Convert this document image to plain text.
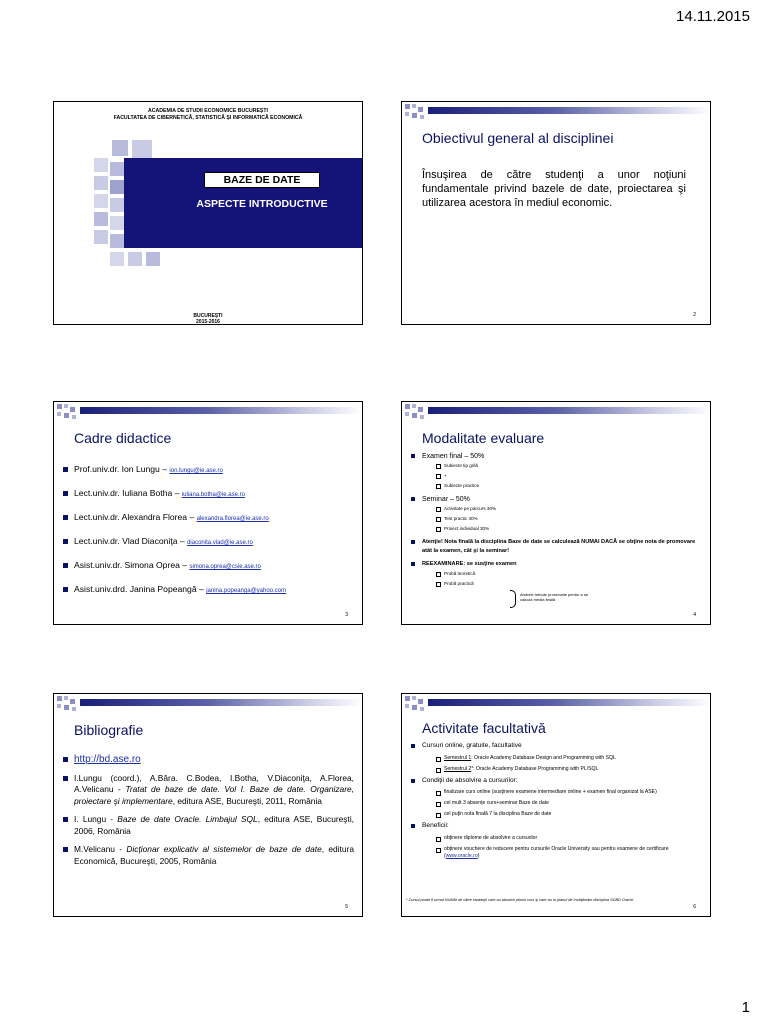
14.11.2015
ACADEMIA DE STUDII ECONOMICE BUCUREȘTI
FACULTATEA DE CIBERNETICĂ, STATISTICĂ ȘI INFORMATICĂ ECONOMICĂ
BAZE DE DATE
ASPECTE INTRODUCTIVE
BUCUREȘTI
2015-2016
Obiectivul general al disciplinei
Însuşirea de către studenţi a unor noţiuni fundamentale privind bazele de date, proiectarea şi utilizarea acestora în mediul economic.
2
Cadre didactice
Prof.univ.dr. Ion Lungu – ion.lungu@ie.ase.ro
Lect.univ.dr. Iuliana Botha – iuliana.botha@ie.ase.ro
Lect.univ.dr. Alexandra Florea – alexandra.florea@ie.ase.ro
Lect.univ.dr. Vlad Diaconiţa – diaconita.vlad@ie.ase.ro
Asist.univ.dr. Simona Oprea – simona.oprea@csie.ase.ro
Asist.univ.drd. Janina Popeangă – janina.popeanga@yahoo.com
3
Modalitate evaluare
Examen final – 50%
Subiecte tip grilă
+
Subiecte practice
Seminar – 50%
Activitate pe parcurs 30%
Test practic 40%
Proiect individual 30%
Atenţie! Nota finală la disciplina Baze de date se calculează NUMAI DACĂ se obţine nota de promovare atât la examen, cât şi la seminar!
REEXAMINARE: se susţine examen
Probă teoretică
Probă practică
Ambele trebuie promovate pentru a se calcula media finală
4
Bibliografie
http://bd.ase.ro
I.Lungu (coord.), A.Bâra. C.Bodea, I.Botha, V.Diaconiţa, A.Florea, A.Velicanu - Tratat de baze de date. Vol I. Baze de date. Organizare, proiectare şi implementare, editura ASE, Bucureşti, 2011, România
I. Lungu - Baze de date Oracle. Limbajul SQL, editura ASE, Bucureşti, 2006, România
M.Velicanu - Dicţionar explicativ al sistemelor de baze de date, editura Economică, Bucureşti, 2005, România
5
Activitate facultativă
Cursuri online, gratuite, facultative
Semestrul 1: Oracle Academy Database Design and Programming with SQL
Semestrul 2*: Oracle Academy Database Programming with PL/SQL
Condiţii de absolvire a cursurilor:
finalizare curs online (susţinere examene intermediare online + examen final organizat la ASE)
cel mult 3 absenţe curs+seminar Baze de date
cel puţin nota finală 7 la disciplina Baze de date
Beneficii:
obţinere diplome de absolvire a cursurilor
obţinere vouchere de reducere pentru cursurile Oracle University sau pentru examene de certificare (www.oracle.ro)
* Cursul poate fi urmat NUMAI de către studenţii care au absolvit primul curs şi care au în planul de învăţământ disciplina SGBD Oracle.
6
1
